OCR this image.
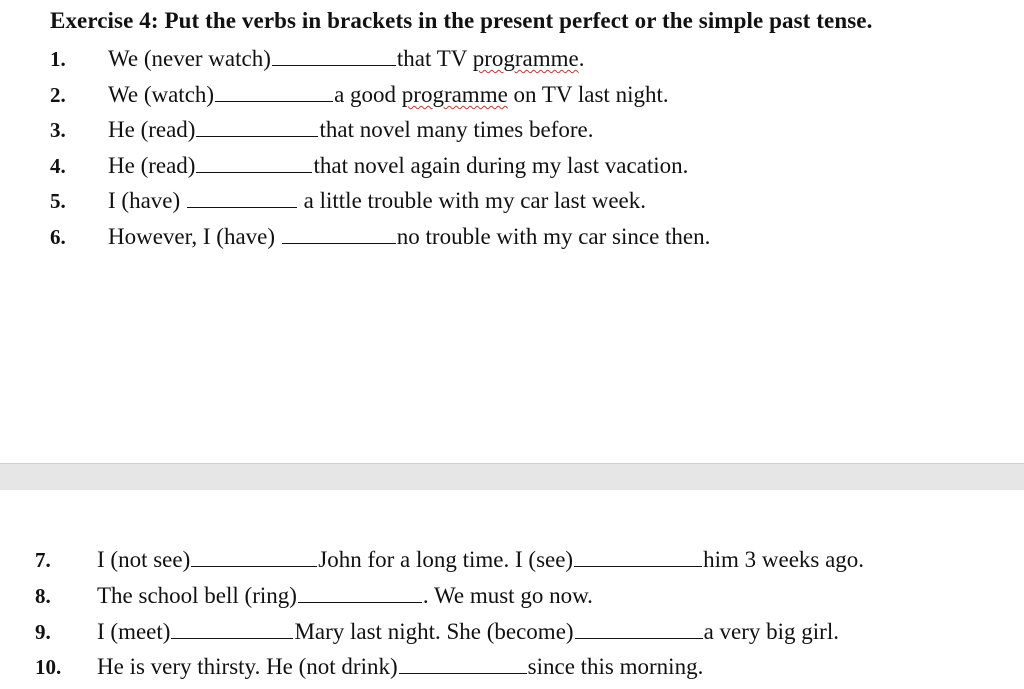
Exercise 4: Put the verbs in brackets in the present perfect or the simple past tense.
1. We (never watch)	that TV programme.
2. We (watch)	a good programme on TV last night.
3. He (read)	that novel many times before.
4. He (read)	that novel again during my last vacation.
5. I (have)	a little trouble with my car last week.
6. However, I (have)	no trouble with my car since then.
7. I (not see)	John for a long time. I (see)	him 3 weeks ago.
8. The school bell (ring)	. We must go now.
9. I (meet)	Mary last night. She (become)	a very big girl.
10. He is very thirsty. He (not drink)	since this morning.
